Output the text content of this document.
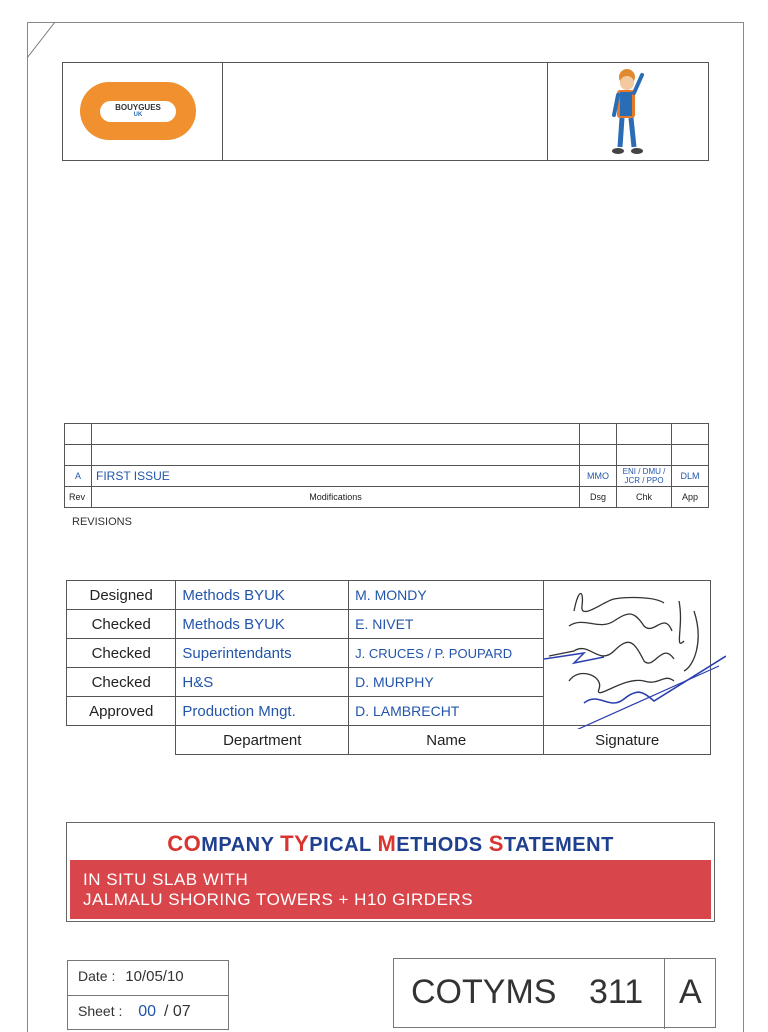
BOUYGUES
UK

A	FIRST ISSUE	MMO	ENI / DMU / JCR / PPO	DLM
Rev	Modifications	Dsg	Chk	App
REVISIONS
Designed	Methods BYUK	M. MONDY	

Checked	Methods BYUK	E. NIVET	
Checked	Superintendants	J. CRUCES / P. POUPARD	
Checked	H&S	D. MURPHY	
Approved	Production Mngt.	D. LAMBRECHT	
	Department	Name	Signature
COMPANY TYPICAL METHODS STATEMENT
IN SITU SLAB WITH
JALMALU SHORING TOWERS + H10 GIRDERS
Date : 10/05/10
Sheet : 00 / 07
COTYMS 311 A
